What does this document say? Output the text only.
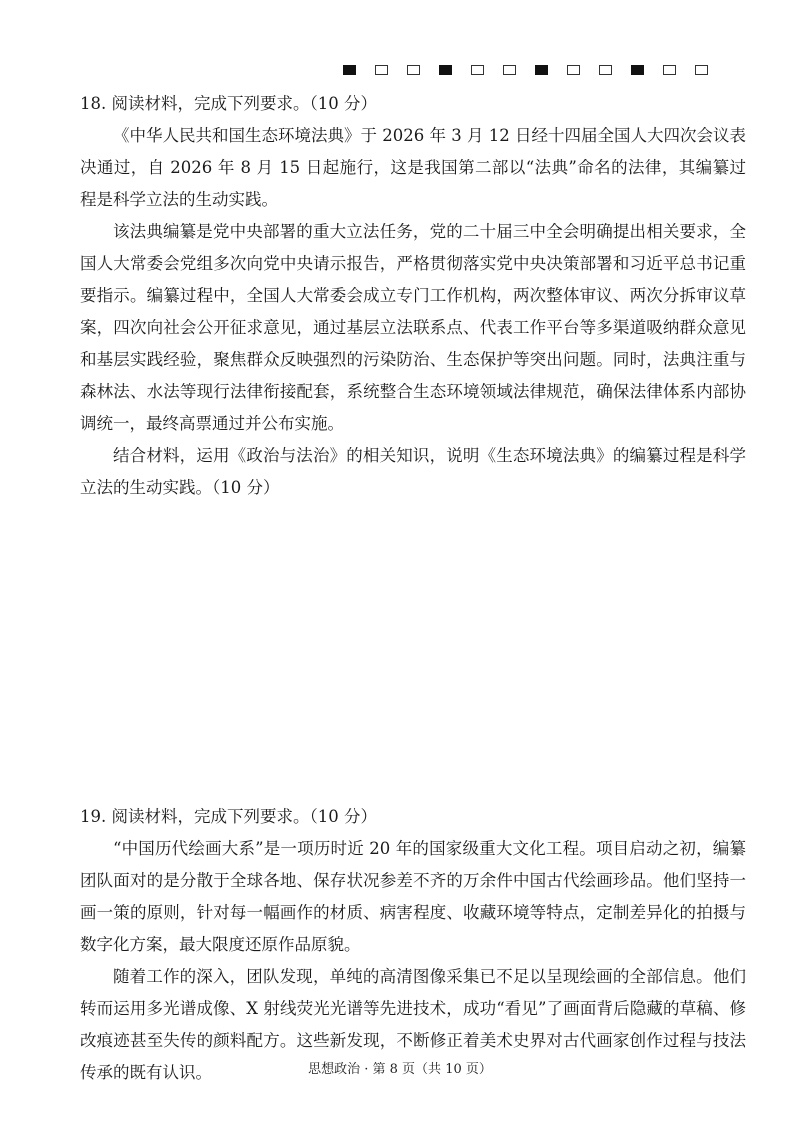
18. 阅读材料，完成下列要求。（10 分）

《中华人民共和国生态环境法典》于 2026 年 3 月 12 日经十四届全国人大四次会议表决通过，自 2026 年 8 月 15 日起施行，这是我国第二部以“法典”命名的法律，其编纂过程是科学立法的生动实践。

该法典编纂是党中央部署的重大立法任务，党的二十届三中全会明确提出相关要求，全国人大常委会党组多次向党中央请示报告，严格贯彻落实党中央决策部署和习近平总书记重要指示。编纂过程中，全国人大常委会成立专门工作机构，两次整体审议、两次分拆审议草案，四次向社会公开征求意见，通过基层立法联系点、代表工作平台等多渠道吸纳群众意见和基层实践经验，聚焦群众反映强烈的污染防治、生态保护等突出问题。同时，法典注重与森林法、水法等现行法律衔接配套，系统整合生态环境领域法律规范，确保法律体系内部协调统一，最终高票通过并公布实施。

结合材料，运用《政治与法治》的相关知识，说明《生态环境法典》的编纂过程是科学立法的生动实践。（10 分）

19. 阅读材料，完成下列要求。（10 分）

“中国历代绘画大系”是一项历时近 20 年的国家级重大文化工程。项目启动之初，编纂团队面对的是分散于全球各地、保存状况参差不齐的万余件中国古代绘画珍品。他们坚持一画一策的原则，针对每一幅画作的材质、病害程度、收藏环境等特点，定制差异化的拍摄与数字化方案，最大限度还原作品原貌。

随着工作的深入，团队发现，单纯的高清图像采集已不足以呈现绘画的全部信息。他们转而运用多光谱成像、X 射线荧光光谱等先进技术，成功“看见”了画面背后隐藏的草稿、修改痕迹甚至失传的颜料配方。这些新发现，不断修正着美术史界对古代画家创作过程与技法传承的既有认识。	思想政治 · 第 8 页（共 10 页）
